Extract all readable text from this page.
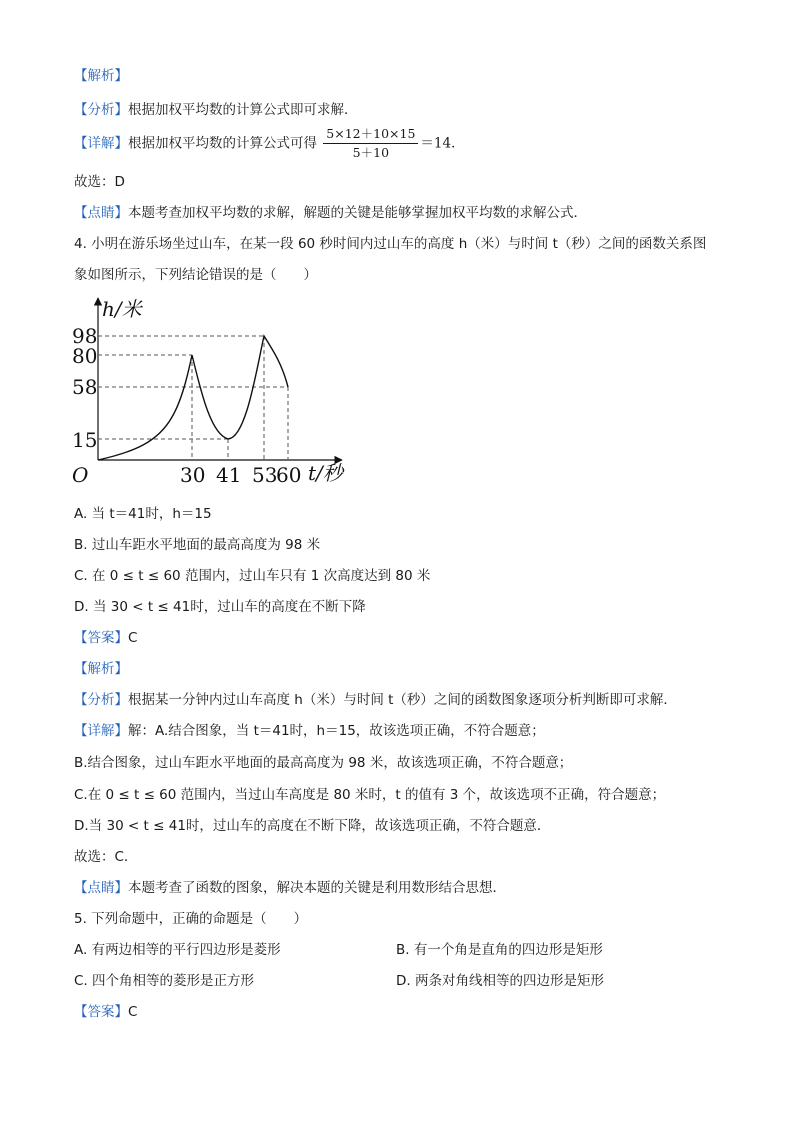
【解析】
【分析】根据加权平均数的计算公式即可求解．
【详解】根据加权平均数的计算公式可得 $\frac{5\times 12+10\times 15}{5+10} =14$．
故选：D
【点睛】本题考查加权平均数的求解，解题的关键是能够掌握加权平均数的求解公式．
4. 小明在游乐场坐过山车，在某一段 60 秒时间内过山车的高度 h（米）与时间 t（秒）之间的函数关系图
象如图所示，下列结论错误的是（　　）
h/米
t/秒
O
98
80
58
15
30 41 53
60
A. 当 t＝41时，h＝15
B. 过山车距水平地面的最高高度为 98 米
C. 在 0 ≤ t ≤ 60 范围内，过山车只有 1 次高度达到 80 米
D. 当 30 < t ≤ 41时，过山车的高度在不断下降
【答案】C
【解析】
【分析】根据某一分钟内过山车高度 h（米）与时间 t（秒）之间的函数图象逐项分析判断即可求解．
【详解】解：A.结合图象，当 t＝41时，h＝15，故该选项正确，不符合题意；
B.结合图象，过山车距水平地面的最高高度为 98 米，故该选项正确，不符合题意；
C.在 0 ≤ t ≤ 60 范围内，当过山车高度是 80 米时，t 的值有 3 个，故该选项不正确，符合题意；
D.当 30 < t ≤ 41时，过山车的高度在不断下降，故该选项正确，不符合题意．
故选：C．
【点睛】本题考查了函数的图象，解决本题的关键是利用数形结合思想．
5. 下列命题中，正确的命题是（　　）
A. 有两边相等的平行四边形是菱形	B. 有一个角是直角的四边形是矩形
C. 四个角相等的菱形是正方形	D. 两条对角线相等的四边形是矩形
【答案】C
